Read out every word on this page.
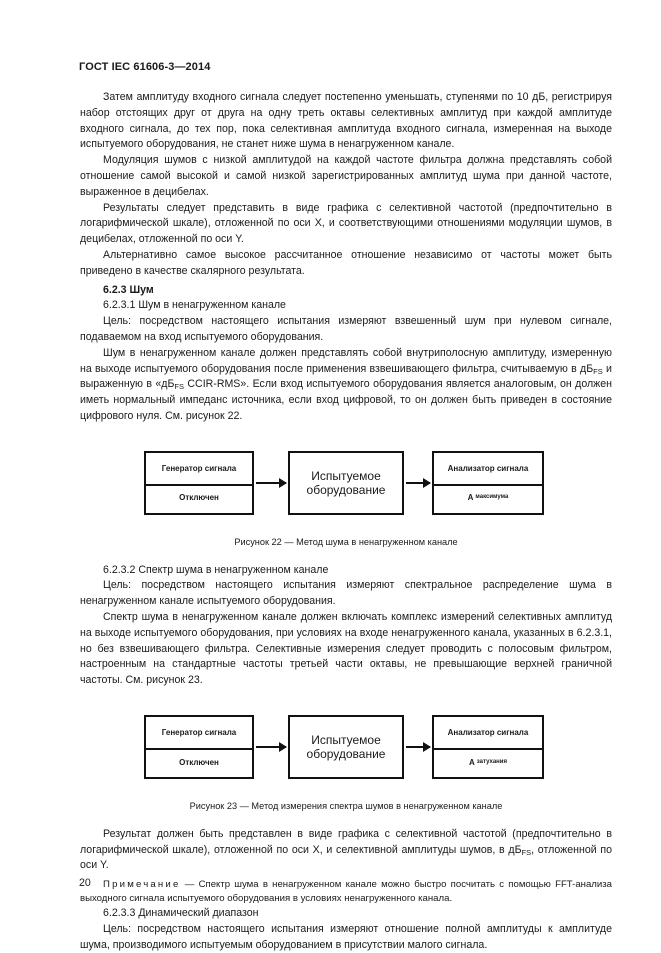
ГОСТ IEC 61606-3—2014

Затем амплитуду входного сигнала следует постепенно уменьшать, ступенями по 10 дБ, регистрируя набор отстоящих друг от друга на одну треть октавы селективных амплитуд при каждой амплитуде входного сигнала, до тех пор, пока селективная амплитуда входного сигнала, измеренная на выходе испытуемого оборудования, не станет ниже шума в ненагруженном канале.

Модуляция шумов с низкой амплитудой на каждой частоте фильтра должна представлять собой отношение самой высокой и самой низкой зарегистрированных амплитуд шума при данной частоте, выраженное в децибелах.

Результаты следует представить в виде графика с селективной частотой (предпочтительно в логарифмической шкале), отложенной по оси X, и соответствующими отношениями модуляции шумов, в децибелах, отложенной по оси Y.

Альтернативно самое высокое рассчитанное отношение независимо от частоты может быть приведено в качестве скалярного результата.

6.2.3 Шум

6.2.3.1 Шум в ненагруженном канале

Цель: посредством настоящего испытания измеряют взвешенный шум при нулевом сигнале, подаваемом на вход испытуемого оборудования.

Шум в ненагруженном канале должен представлять собой внутриполосную амплитуду, измеренную на выходе испытуемого оборудования после применения взвешивающего фильтра, считываемую в $дБ_{FS}$ и выраженную в «$дБ_{FS}$ CCIR-RMS». Если вход испытуемого оборудования является аналоговым, он должен иметь нормальный импеданс источника, если вход цифровой, то он должен быть приведен в состояние цифрового нуля. См. рисунок 22.

Генератор сигнала
Отключен
Испытуемое оборудование
Анализатор сигнала
A максимума

Рисунок 22 — Метод шума в ненагруженном канале

6.2.3.2 Спектр шума в ненагруженном канале

Цель: посредством настоящего испытания измеряют спектральное распределение шума в ненагруженном канале испытуемого оборудования.

Спектр шума в ненагруженном канале должен включать комплекс измерений селективных амплитуд на выходе испытуемого оборудования, при условиях на входе ненагруженного канала, указанных в 6.2.3.1, но без взвешивающего фильтра. Селективные измерения следует проводить с полосовым фильтром, настроенным на стандартные частоты третьей части октавы, не превышающие верхней граничной частоты. См. рисунок 23.

Генератор сигнала
Отключен
Испытуемое оборудование
Анализатор сигнала
A затухания

Рисунок 23 — Метод измерения спектра шумов в ненагруженном канале

Результат должен быть представлен в виде графика с селективной частотой (предпочтительно в логарифмической шкале), отложенной по оси X, и селективной амплитуды шумов, в $дБ_{FS}$, отложенной по оси Y.

Примечание — Спектр шума в ненагруженном канале можно быстро посчитать с помощью FFT-анализа выходного сигнала испытуемого оборудования в условиях ненагруженного канала.

6.2.3.3 Динамический диапазон

Цель: посредством настоящего испытания измеряют отношение полной амплитуды к амплитуде шума, производимого испытуемым оборудованием в присутствии малого сигнала.

20
